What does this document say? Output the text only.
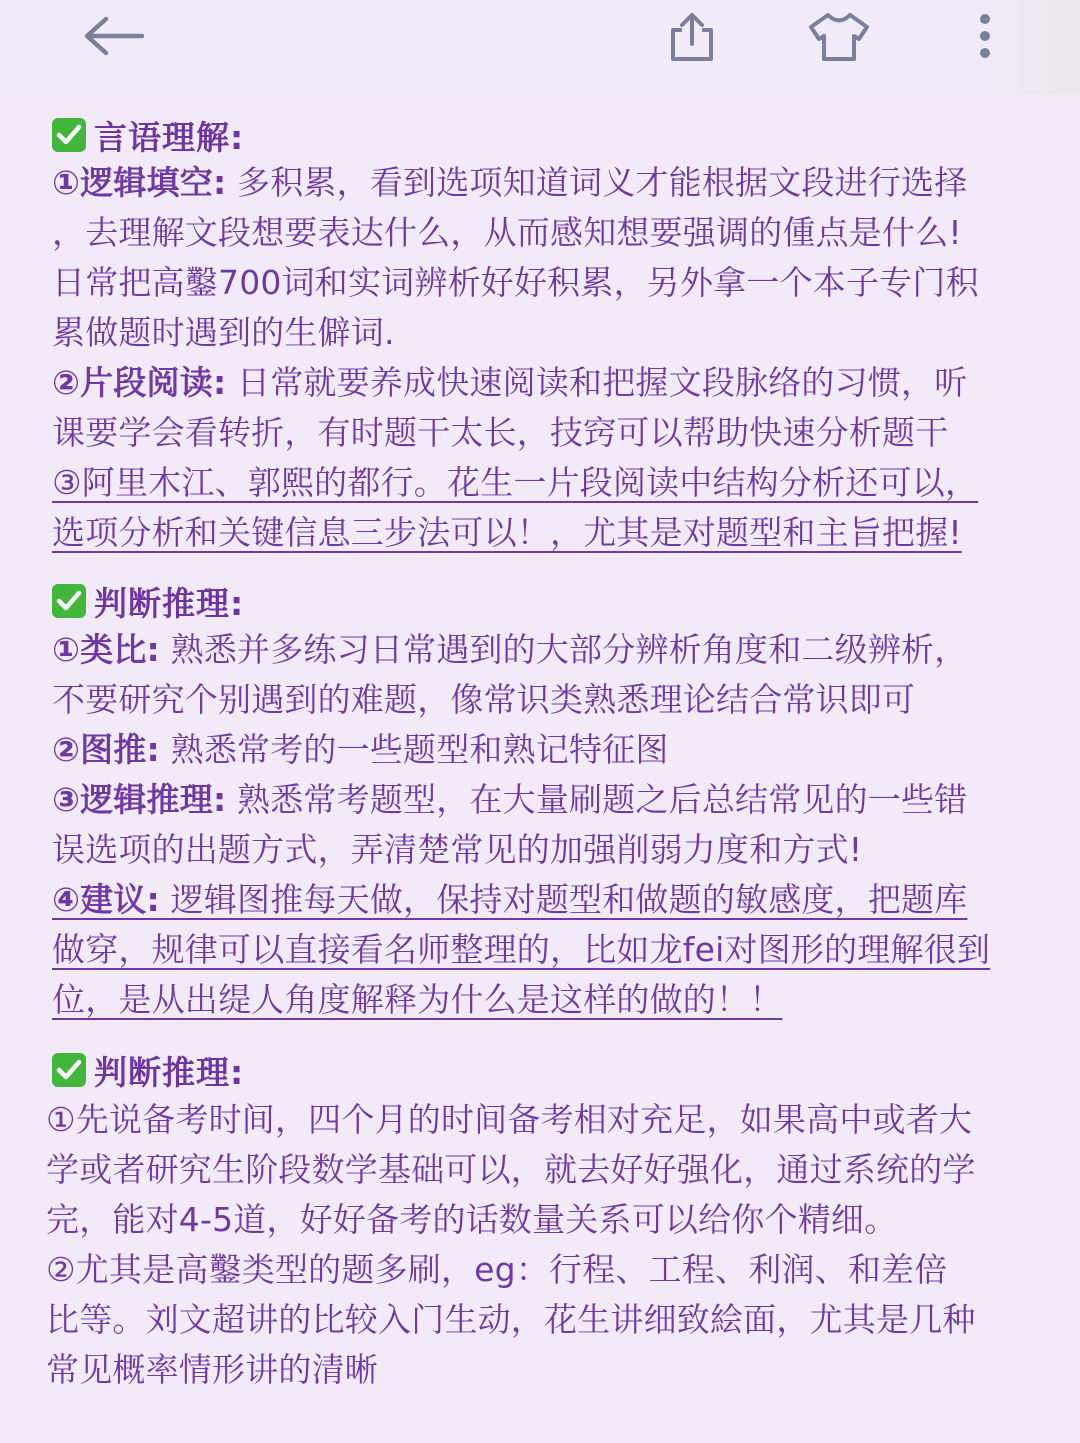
言语理解:
①逻辑填空: 多积累，看到选项知道词义才能根据文段进行选择
，去理解文段想要表达什么，从而感知想要强调的偅点是什么!
日常把高鑿700词和实词辨析好好积累，另外拿一个本子专门积
累做题时遇到的生僻词.
②片段阅读: 日常就要养成快速阅读和把握文段脉络的习惯，听
课要学会看转折，有时题干太长，技窍可以帮助快速分析题干
③阿里木江、郭熙的都行。花生一片段阅读中结构分析还可以，
选项分析和关键信息三步法可以！，尤其是对题型和主旨把握!
判断推理:
①类比: 熟悉并多练习日常遇到的大部分辨析角度和二级辨析，
不要研究个别遇到的难题，像常识类熟悉理论结合常识即可
②图推: 熟悉常考的一些题型和熟记特征图
③逻辑推理: 熟悉常考题型，在大量刷题之后总结常见的一些错
误选项的出题方式，弄清楚常见的加强削弱力度和方式!
④建议: 逻辑图推每天做，保持对题型和做题的敏感度，把题库
做穿，规律可以直接看名师整理的，比如龙fei对图形的理解很到
位，是从出缇人角度解释为什么是这样的做的！！
判断推理:
①先说备考时间，四个月的时间备考相对充足，如果高中或者大
学或者研究生阶段数学基础可以，就去好好强化，通过系统的学
完，能对4-5道，好好备考的话数量关系可以给你个精细。
②尤其是高鑿类型的题多刷，eg：行程、工程、利润、和差倍
比等。刘文超讲的比较入门生动，花生讲细致絵面，尤其是几种
常见概率情形讲的清晰
